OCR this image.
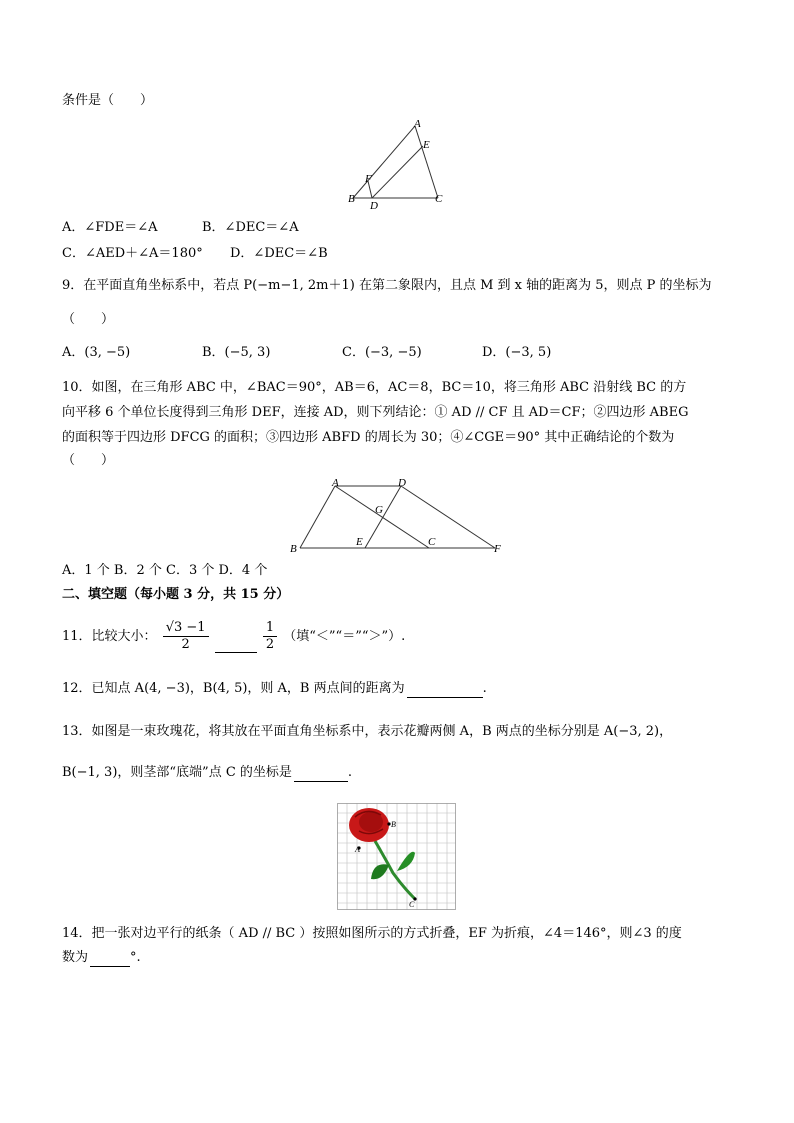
条件是（　　）
A
E
F
B
D
C
A．∠FDE＝∠A	B．∠DEC＝∠A
C．∠AED＋∠A＝180° D．∠DEC＝∠B
9．在平面直角坐标系中，若点 P(−m−1, 2m＋1) 在第二象限内，且点 M 到 x 轴的距离为 5，则点 P 的坐标为
（　　）
A．(3, −5)	B．(−5, 3)	C．(−3, −5)	D．(−3, 5)
10．如图，在三角形 ABC 中，∠BAC＝90°，AB＝6，AC＝8，BC＝10，将三角形 ABC 沿射线 BC 的方
向平移 6 个单位长度得到三角形 DEF，连接 AD，则下列结论：① AD // CF 且 AD＝CF；②四边形 ABEG
的面积等于四边形 DFCG 的面积；③四边形 ABFD 的周长为 30；④∠CGE＝90° 其中正确结论的个数为
（　　）
A	D
G
B
E	C
F
A．1 个 B．2 个 C．3 个 D．4 个
二、填空题（每小题 3 分，共 15 分）
11．比较大小： $\frac{√3 -1}{2}$
	$\frac{1}{2}$ （填“＜”“＝”“＞”）.
12．已知点 A(4, −3)，B(4, 5)，则 A，B 两点间的距离为	.
13．如图是一束玫瑰花，将其放在平面直角坐标系中，表示花瓣两侧 A，B 两点的坐标分别是 A(−3, 2)，
B(−1, 3)，则茎部“底端”点 C 的坐标是	.
B
A
C
14．把一张对边平行的纸条（ AD // BC ）按照如图所示的方式折叠，EF 为折痕，∠4＝146°，则∠3 的度
数为	°.
